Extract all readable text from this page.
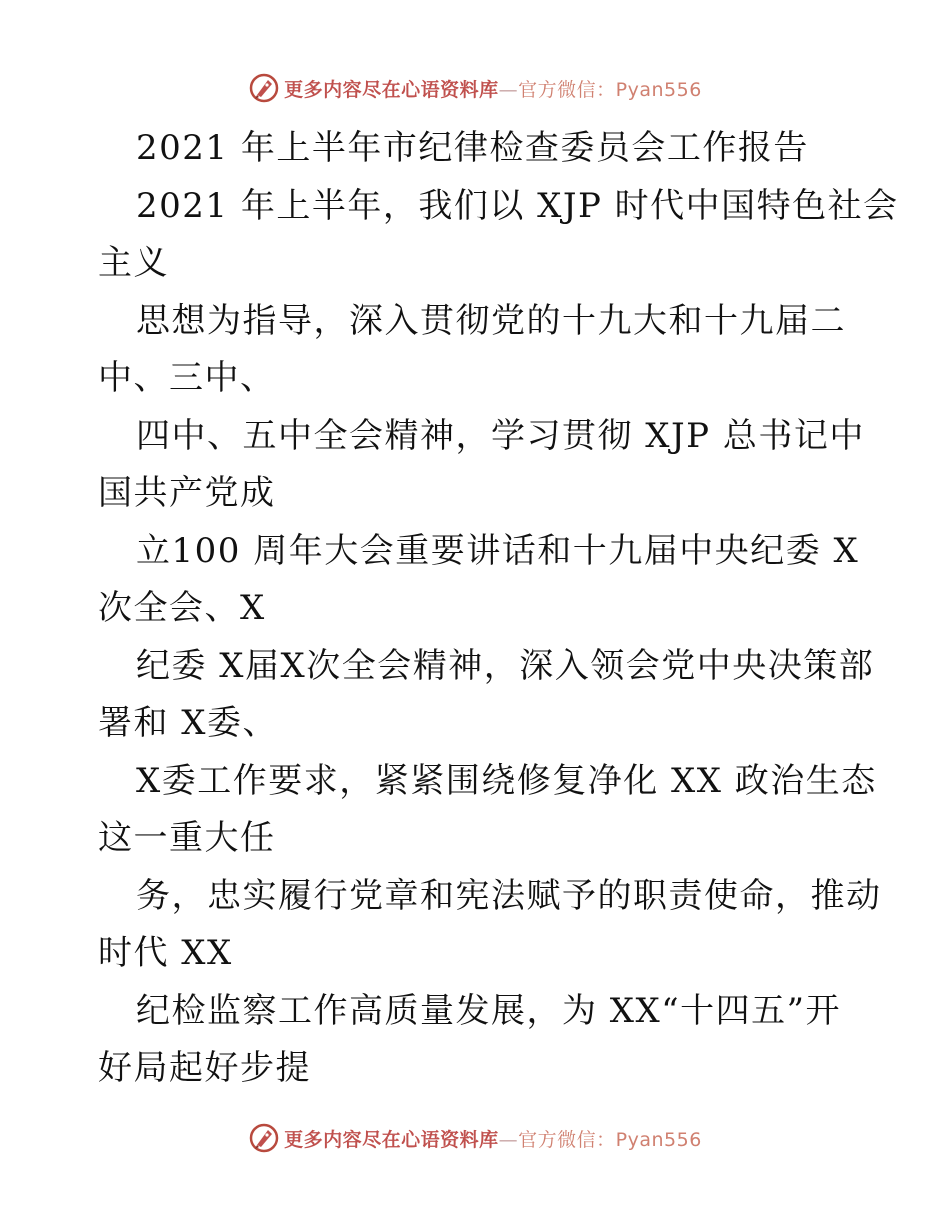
更多内容尽在心语资料库—官方微信：Pyan556
2021 年上半年市纪律检查委员会工作报告
2021 年上半年，我们以 XJP 时代中国特色社会
主义
思想为指导，深入贯彻党的十九大和十九届二
中、三中、
四中、五中全会精神，学习贯彻 XJP 总书记中
国共产党成
立100 周年大会重要讲话和十九届中央纪委 X
次全会、X
纪委 X届X次全会精神，深入领会党中央决策部
署和 X委、
X委工作要求，紧紧围绕修复净化 XX 政治生态
这一重大任
务，忠实履行党章和宪法赋予的职责使命，推动
时代 XX
纪检监察工作高质量发展，为 XX“十四五”开
好局起好步提
更多内容尽在心语资料库—官方微信：Pyan556
